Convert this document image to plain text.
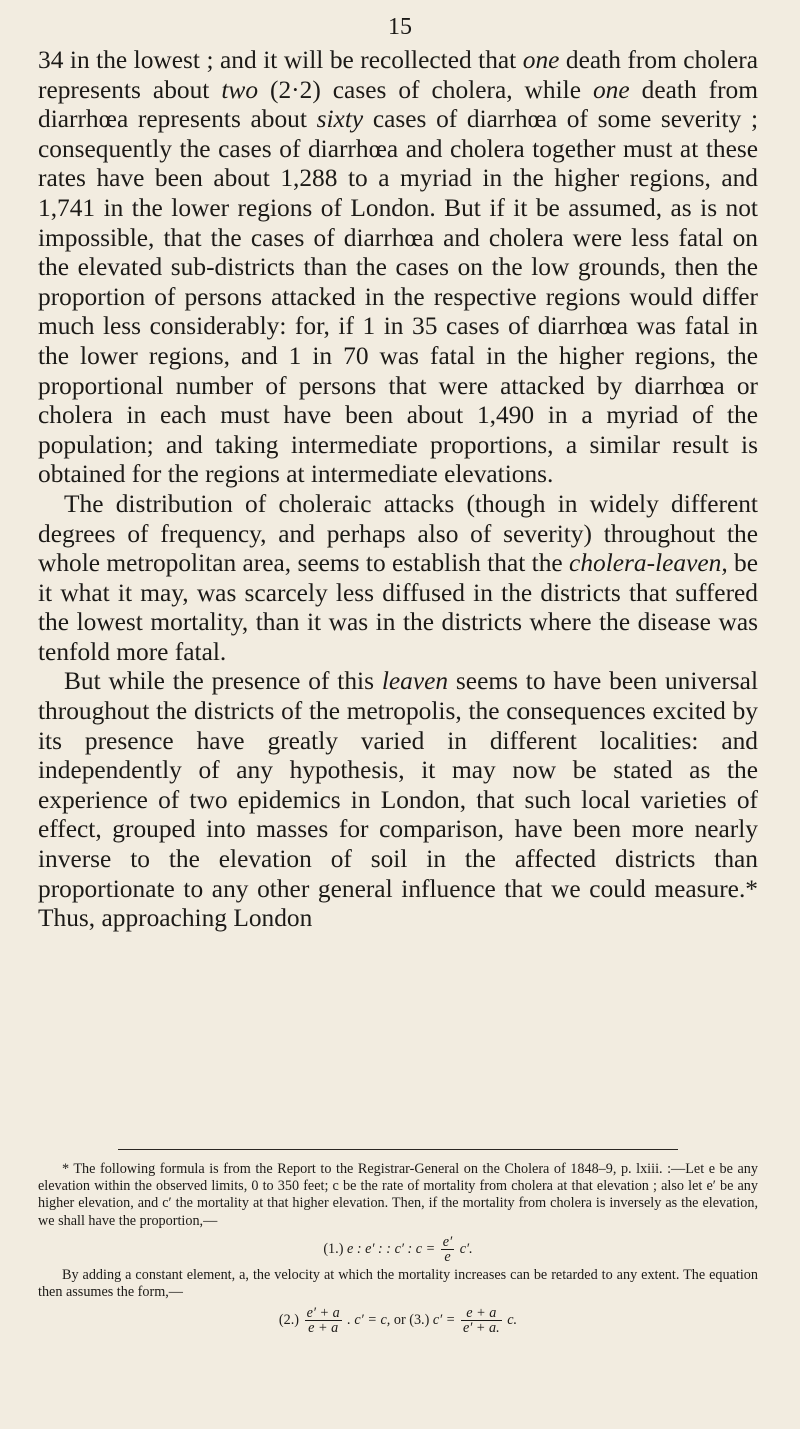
15

34 in the lowest ; and it will be recollected that one death from cholera represents about two (2·2) cases of cholera, while one death from diarrhœa represents about sixty cases of diarrhœa of some severity ; consequently the cases of diarrhœa and cholera together must at these rates have been about 1,288 to a myriad in the higher regions, and 1,741 in the lower regions of London. But if it be assumed, as is not impossible, that the cases of diarrhœa and cholera were less fatal on the elevated sub-districts than the cases on the low grounds, then the proportion of persons attacked in the respective regions would differ much less considerably: for, if 1 in 35 cases of diarrhœa was fatal in the lower regions, and 1 in 70 was fatal in the higher regions, the proportional number of persons that were attacked by diarrhœa or cholera in each must have been about 1,490 in a myriad of the population; and taking intermediate proportions, a similar result is obtained for the regions at intermediate elevations.

The distribution of choleraic attacks (though in widely different degrees of frequency, and perhaps also of severity) throughout the whole metropolitan area, seems to establish that the cholera-leaven, be it what it may, was scarcely less diffused in the districts that suffered the lowest mortality, than it was in the districts where the disease was tenfold more fatal.

But while the presence of this leaven seems to have been universal throughout the districts of the metropolis, the consequences excited by its presence have greatly varied in different localities: and independently of any hypothesis, it may now be stated as the experience of two epidemics in London, that such local varieties of effect, grouped into masses for comparison, have been more nearly inverse to the elevation of soil in the affected districts than proportionate to any other general influence that we could measure.* Thus, approaching London

* The following formula is from the Report to the Registrar-General on the Cholera of 1848–9, p. lxiii. :—Let e be any elevation within the observed limits, 0 to 350 feet; c be the rate of mortality from cholera at that elevation ; also let e′ be any higher elevation, and c′ the mortality at that higher elevation. Then, if the mortality from cholera is inversely as the elevation, we shall have the proportion,—

(1.) e : e′ : : c′ : $c = \frac{e'}{e} c'$.

By adding a constant element, a, the velocity at which the mortality increases can be retarded to any extent. The equation then assumes the form,—

$(2.) \frac{e' + a}{e + a}$ . c′ = c, or (3.) $c' = \frac{e + a}{e' + a.} c$.
